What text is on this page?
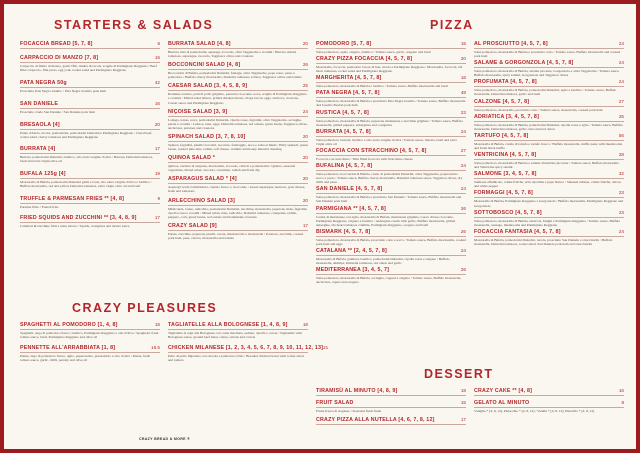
STARTERS & SALADS	PIZZA
CRAZY PLEASURES
DESSERT
FOCACCIA BREAD [5, 7, 8]	6
CARPACCIO DI MANZO [7, 8]	16
Carpaccio di filetto di manzo, garlic fille, insalta di rucola, scaglie di Parmigiano Reggiano / Beef fillet carpaccio, fille pesto, egg yolk, rocket salad and Parmigiano Reggiano
PATA NEGRA 50g	42
Prosciutto Pata Negra Joselito / Pata Negra Joselito pork ham
SAN DANIELE	16
Prosciutto crudo San Daniele / San Daniele pork ham
BRESAOLA [4]	20
Punta d'Ancia, rucola, pomodorini, pomodorini Datterini e Parmigiano Reggiano / Cured beef, rocket salad, cherry tomatoes and Parmigiano Reggiano
BURRATA [4]	17
Burrata, pomodorini Datterini, basilico, olio extra vergine d'oliva / Burrata, Datterini tomatoes, basil and extra virgin olive oil
BUFALA 125g [4]	19
Mozzarella di Bufala, pomodorini Datterini gialli e rossi, olio extra vergine d'oliva e basilico / Buffalo mozzarella, red and yellow Datterini tomatoes, extra virgin olive oil and basil
TRUFFLE & PARMESAN FRIES ** [4, 8]	9
Patatine fritte / French fries
FRIED SQUIDS AND ZUCCHINI ** [3, 4, 8, 9]	17
Calamari & zucchine fritti e salsa tartara / Squids, courgettes and tartare sauce
BURRATA SALAD [4, 8]	20
Burrata, mix di pomodorini, asparagi, avocado, olive Taggiasche e crostini / Burrata, mixed tomatoes, asparagus, avocado, Taggiasca olives and croutons
BOCCONCINI SALAD [4, 8]	26
Bocconcini di Bufala, pomodorini Datterini, fantagu, olive Taggiasche, pepe rosso, pesto e pomodoro / Buffalo cherry mozzarella, Datterini tomatoes, lettuce, Taggiasca olives and tomato
CAESAR SALAD [3, 4, 5, 8, 9]	25
Romaine, lettuce, petti di pollo grigliato, pancetta croccante, uova, scaglie di Parmigiano Reggiano e crostini / Mixed salad lettuce, grilled chicken breast, crispy bacon, eggs, anchovy, croutons, Caesar sauce and Parmigiano Reggiano
NIÇOISE SALAD [3, 9]	24
Lattuga, tonno, uova, pomodorini Datterini, cipolle rosse, fagiolini, olive Taggiasche, acciughe, patate e crostini / Lettuce, tuna, eggs, Datterini tomatoes, red onions, green beans, Taggiasca olives, anchovies, potatoes and croutons
SPINACH SALAD [3, 7, 8, 10]	20
Spinaci, fagiolini, piselli croccanti, nocciole, formaggio, noce e salsa al miele / Baby spinach, green beans, roasted pine nuts, radish, soft cheese, walnuts and honey mustard dressing
QUINOA SALAD *	20
Quinoa, verdure di stagione, mozzarella, avocado, cetrioli e pomodorini / Quinoa, seasonal vegetables, mixed salad, avocado, cucumber, radish and fresh dip
ASPARAGUS SALAD * [4]	20
Asparagi verdi, barbabietola, caprino fresco e cioccolato / Green asparagus, beetroot, goat cheese, fresh and tomatoes
ARLECCHINO SALAD [3]	20
Misticanza, tonno, radicchio, pomodorini Datterini, zucchine, mozzarella, peperoni, mais, fagiolini, cipolla rossa e crostini / Mixed salad, tuna, radicchio, Datterini tomatoes, courgettes, radish, peppers, corn, green beans, red onions and homemade croutons
CRAZY SALAD [9]	17
Patate, zucchine, peperoni, piselli, carote, mazzancolle e mozzarella / Potatoes, zucchini, cooked pork ham, peas, carrots, mozzarella and tomato
SPAGHETTI AL POMODORO [1, 4, 8]	18
Spaghetti, sugo di pomodoro fresco, basilico, Parmigiano Reggiano e olio d'oliva / Spaghetti, fresh tomato sauce, basil, Parmigiano Reggiano and olive oil
PENNETTE ALL'ARRABBIATA [1, 8]	16.5
Penne, sugo di pomodoro fresco, aglio, peperoncino, prezzemolo e olio d'oliva / Penne, fresh tomato sauce, garlic, chilli, parsley and olive oil
TAGLIATELLE ALLA BOLOGNESE [1, 4, 8, 9]	18
Tagliatelle al ragù alla Bolognese con carne macinata, sedano, cipolla e carote / Tagliatelle with Bolognese sauce, ground beef meat, celery, onions and carrots
CHICKEN MILANESE [1, 2, 3, 4, 5, 6, 7, 8, 9, 10, 11, 12, 13] 21
Petto di pollo impanato con ruccola e pomodoro fritto / Breaded chicken breast with rocket salad and tomato
POMODORO [5, 7, 8]	15
Salsa pomodoro, aglio, origano, basilico / Tomato sauce, garlic, oregano and basil
CRAZY PIZZA FOCACCIA [4, 5, 7, 8]	20
Mozzarella, focaccia, pomodoro Cuore di bue, rucola e Parmigiano Reggiano / Mozzarella, focaccia, Ox heart tomatoes, rocket salad and Parmigiano Reggiano
MARGHERITA [4, 5, 7, 8]	16
Salsa pomodoro, mozzarella di Bufala e basilico / Tomato sauce, Buffalo mozzarella and basil
PATA NEGRA [4, 5, 7, 8]	48
Salsa pomodoro, mozzarella di Bufala e prosciutto Pata Negra Joselito / Tomato sauce, Buffalo mozzarella and Joselito Iberian pork ham
RUSTICA [4, 5, 7, 8]	23
Salsa pomodoro, mozzarella di Bufala, peperoni, melanzane e zucchine grigliate / Tomato sauce, Buffalo mozzarella, grilled peppers, aubergines and courgettes
BURRATA [4, 5, 7, 8]	24
Salsa pomodoro, burrata, basilico e olio extra vergine d'oliva / Tomato sauce, burrata, basil and extra virgin olive oil
FOCACCIA CON STRACCHINO [4, 5, 7, 8]	27
Focaccia con stracchino / Thin filled focaccia with Stracchino cheese
BUFALINA [4, 5, 7, 8]	24
Salsa pomodoro, bocconcini di Bufala, crudo di pomodorini Datterini, olive Taggiasche, peperoncino secco e pesto / Tomato sauce, Buffalo cherry mozzarella, Datterini tomatoes sauce, Taggiasca olives, dry chilli and pesto
SAN DANIELE [4, 5, 7, 8]	24
Salsa pomodoro, mozzarella di Bufala e prosciutto San Daniele / Tomato sauce, Buffalo mozzarella and San Daniele pork ham
PARMIGIANA ** [4, 5, 7, 8]	26
Crema di melanzane con aglio, mozzarella di Bufala, melanzane grigliate, Cuore di bue croccante, Parmigiano Reggiano, origano e basilico / Aubergine cream with garlic, Buffalo mozzarella, grilled aubergine, Ox heart tomatoes crumble, Parmigiano Reggiano, oregano and basil
BISMARK [4, 5, 7, 8]	26
Salsa pomodoro, mozzarella di Bufala, prosciutto cotto e uovo / Tomato sauce, Buffalo mozzarella, cooked pork ham and eggs
CATALANA ** [2, 4, 5, 7, 8]	24
Mozzarella di Bufala, gamberi, basilico, pomodorini Datterini, cipolla rossa e origano / Buffalo mozzarella, shrimps, Datterini tomatoes, red onion and garlic
MEDITERRANEA [3, 4, 5, 7]	26
Salsa pomodoro, mozzarella di Bufala, acciughe, capperi e origano / Tomato sauce, Buffalo mozzarella, anchovies, capers and oregano
AL PROSCIUTTO [4, 5, 7, 8]	24
Salsa pomodoro, mozzarella di Bufala e prosciutto cotto / Tomato sauce, Buffalo mozzarella and cooked pork ham
SALAME & GORGONZOLA [4, 5, 7, 8]	24
Salsa pomodoro, mozzarella di Bufala, salame piccante, Gorgonzola e olive Taggiasche / Tomato sauce, Buffalo mozzarella, spicy salami, Gorgonzola and Taggiasca olives
PROFUMATA [4, 5, 7, 8]	24
Salsa pomodoro, mozzarella di Bufala, pomodorini Datterini, aglio e basilico / Tomato sauce, Buffalo mozzarella, Datterini tomatoes, garlic and basil
CALZONE [4, 5, 7, 8]	27
Salsa pomodoro, mozzarella, prosciutto cotto / Tomato sauce, mozzarella, cooked pork ham
ADRIATICA [3, 4, 5, 7, 8]	25
Salsa pomodoro, mozzarella di Bufala, pomodorini Datterini, cipolla rossa e aglio / Tomato sauce, Buffalo mozzarella, Datterini tomatoes, garlic, tuna and red onion
TARTUFO [4, 5, 7, 8]	56
Mozzarella di Bufala, crema di tartufo e tartufo fresco / Buffalo mozzarella, truffle paste with mushrooms and fresh black truffle
VENTRICINA [4, 5, 7, 8]	28
Salsa pomodoro, mozzarella di Bufala e salame Ventricina piccante / Tomato sauce, Buffalo mozzarella and Ventricina spicy salami
SALMONE [3, 4, 5, 7, 8]	32
Salmone affumicato, crème fraîche, erba cipollina e pepe bianco / Smoked salmon, crème fraîche, chives and white pepper
FORMAGGI [4, 5, 7, 8]	23
Mozzarella di Bufala, Parmigiano Reggiano e Gorgonzola / Buffalo mozzarella, Parmigiano Reggiano and Gorgonzola
SOTTOBOSCO [4, 5, 7, 8]	23
Salsa pomodoro, mozzarella di Bufala, salsiccia, funghi e Parmigiano Reggiano / Tomato sauce, Buffalo mozzarella, sausage, mushrooms and Parmigiano Reggiano
FOCACCIA FANTASIA [4, 5, 7, 8]	24
Mozzarella di Bufala, pomodorini Datterini, rucola, prosciutto San Daniele e stracciatella / Buffalo mozzarella, Datterini tomatoes, rocket salad, San Daniele pork ham and stracciatella
TIRAMISÙ AL MINUTO [4, 8, 9]	18
FRUIT SALAD	15
Frutta fresca di stagione / Seasonal fresh fruits
CRAZY PIZZA ALLA NUTELLA [4, 6, 7, 8, 12]	17
CRAZY CAKE ** [4, 8]	16
GELATO AL MINUTO	8
Vaniglia * [4, 8, 12], Pistacchio * [4, 8, 12] / Vanilla * [4, 8, 12], Pistachio * [4, 8, 12]
CRAZY BREAD & MORE ®
